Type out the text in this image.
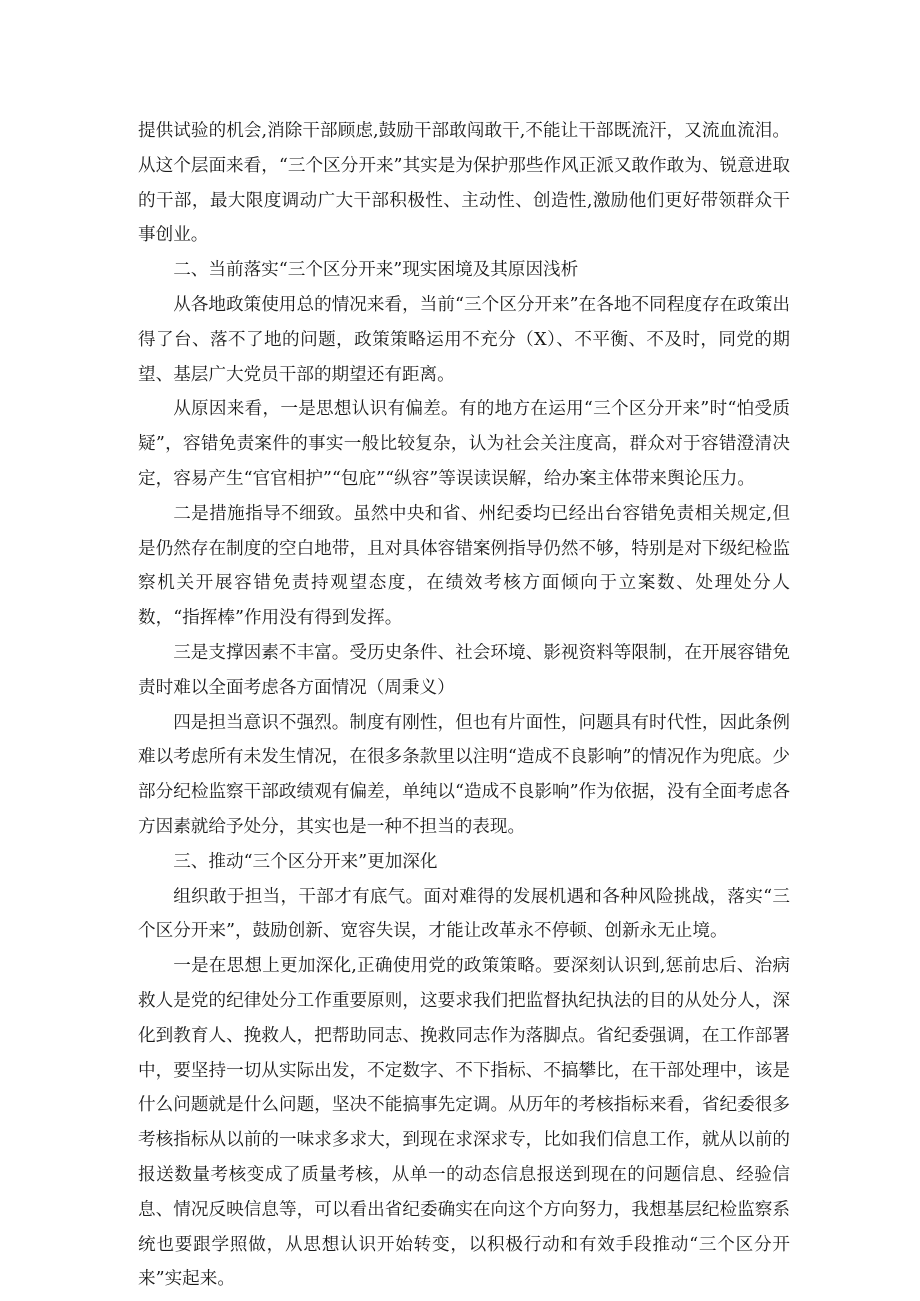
提供试验的机会,消除干部顾虑,鼓励干部敢闯敢干,不能让干部既流汗，又流血流泪。从这个层面来看，“三个区分开来”其实是为保护那些作风正派又敢作敢为、锐意进取的干部，最大限度调动广大干部积极性、主动性、创造性,激励他们更好带领群众干事创业。

二、当前落实“三个区分开来”现实困境及其原因浅析

从各地政策使用总的情况来看，当前“三个区分开来”在各地不同程度存在政策出得了台、落不了地的问题，政策策略运用不充分（X）、不平衡、不及时，同党的期望、基层广大党员干部的期望还有距离。

从原因来看，一是思想认识有偏差。有的地方在运用“三个区分开来”时“怕受质疑”，容错免责案件的事实一般比较复杂，认为社会关注度高，群众对于容错澄清决定，容易产生“官官相护”“包庇”“纵容”等误读误解，给办案主体带来舆论压力。

二是措施指导不细致。虽然中央和省、州纪委均已经出台容错免责相关规定,但是仍然存在制度的空白地带，且对具体容错案例指导仍然不够，特别是对下级纪检监察机关开展容错免责持观望态度，在绩效考核方面倾向于立案数、处理处分人数，“指挥棒”作用没有得到发挥。

三是支撑因素不丰富。受历史条件、社会环境、影视资料等限制，在开展容错免责时难以全面考虑各方面情况（周秉义）

四是担当意识不强烈。制度有刚性，但也有片面性，问题具有时代性，因此条例难以考虑所有未发生情况，在很多条款里以注明“造成不良影响”的情况作为兜底。少部分纪检监察干部政绩观有偏差，单纯以“造成不良影响”作为依据，没有全面考虑各方因素就给予处分，其实也是一种不担当的表现。

三、推动“三个区分开来”更加深化

组织敢于担当，干部才有底气。面对难得的发展机遇和各种风险挑战，落实“三个区分开来”，鼓励创新、宽容失误，才能让改革永不停顿、创新永无止境。

一是在思想上更加深化,正确使用党的政策策略。要深刻认识到,惩前忠后、治病救人是党的纪律处分工作重要原则，这要求我们把监督执纪执法的目的从处分人，深化到教育人、挽救人，把帮助同志、挽救同志作为落脚点。省纪委强调，在工作部署中，要坚持一切从实际出发，不定数字、不下指标、不搞攀比，在干部处理中，该是什么问题就是什么问题，坚决不能搞事先定调。从历年的考核指标来看，省纪委很多考核指标从以前的一味求多求大，到现在求深求专，比如我们信息工作，就从以前的报送数量考核变成了质量考核，从单一的动态信息报送到现在的问题信息、经验信息、情况反映信息等，可以看出省纪委确实在向这个方向努力，我想基层纪检监察系统也要跟学照做，从思想认识开始转变，以积极行动和有效手段推动“三个区分开来”实起来。
